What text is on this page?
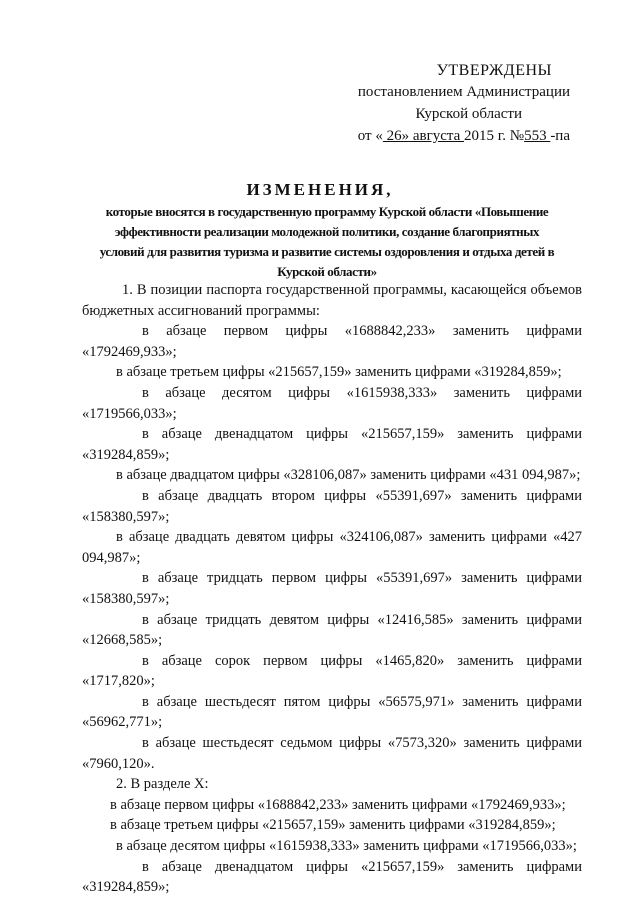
УТВЕРЖДЕНЫ
постановлением Администрации
Курской области
от « 26» августа 2015 г. №553 -па
ИЗМЕНЕНИЯ,
которые вносятся в государственную программу Курской области «Повышение эффективности реализации молодежной политики, создание благоприятных условий для развития туризма и развитие системы оздоровления и отдыха детей в Курской области»

1. В позиции паспорта государственной программы, касающейся объемов бюджетных ассигнований программы:

в абзаце первом цифры «1688842,233» заменить цифрами «1792469,933»;

в абзаце третьем цифры «215657,159» заменить цифрами «319284,859»;

в абзаце десятом цифры «1615938,333» заменить цифрами «1719566,033»;

в абзаце двенадцатом цифры «215657,159» заменить цифрами «319284,859»;

в абзаце двадцатом цифры «328106,087» заменить цифрами «431 094,987»;

в абзаце двадцать втором цифры «55391,697» заменить цифрами «158380,597»;

в абзаце двадцать девятом цифры «324106,087» заменить цифрами «427 094,987»;

в абзаце тридцать первом цифры «55391,697» заменить цифрами «158380,597»;

в абзаце тридцать девятом цифры «12416,585» заменить цифрами «12668,585»;

в абзаце сорок первом цифры «1465,820» заменить цифрами «1717,820»;

в абзаце шестьдесят пятом цифры «56575,971» заменить цифрами «56962,771»;

в абзаце шестьдесят седьмом цифры «7573,320» заменить цифрами «7960,120».

2. В разделе X:

в абзаце первом цифры «1688842,233» заменить цифрами «1792469,933»;

в абзаце третьем цифры «215657,159» заменить цифрами «319284,859»;

в абзаце десятом цифры «1615938,333» заменить цифрами «1719566,033»;

в абзаце двенадцатом цифры «215657,159» заменить цифрами «319284,859»;
